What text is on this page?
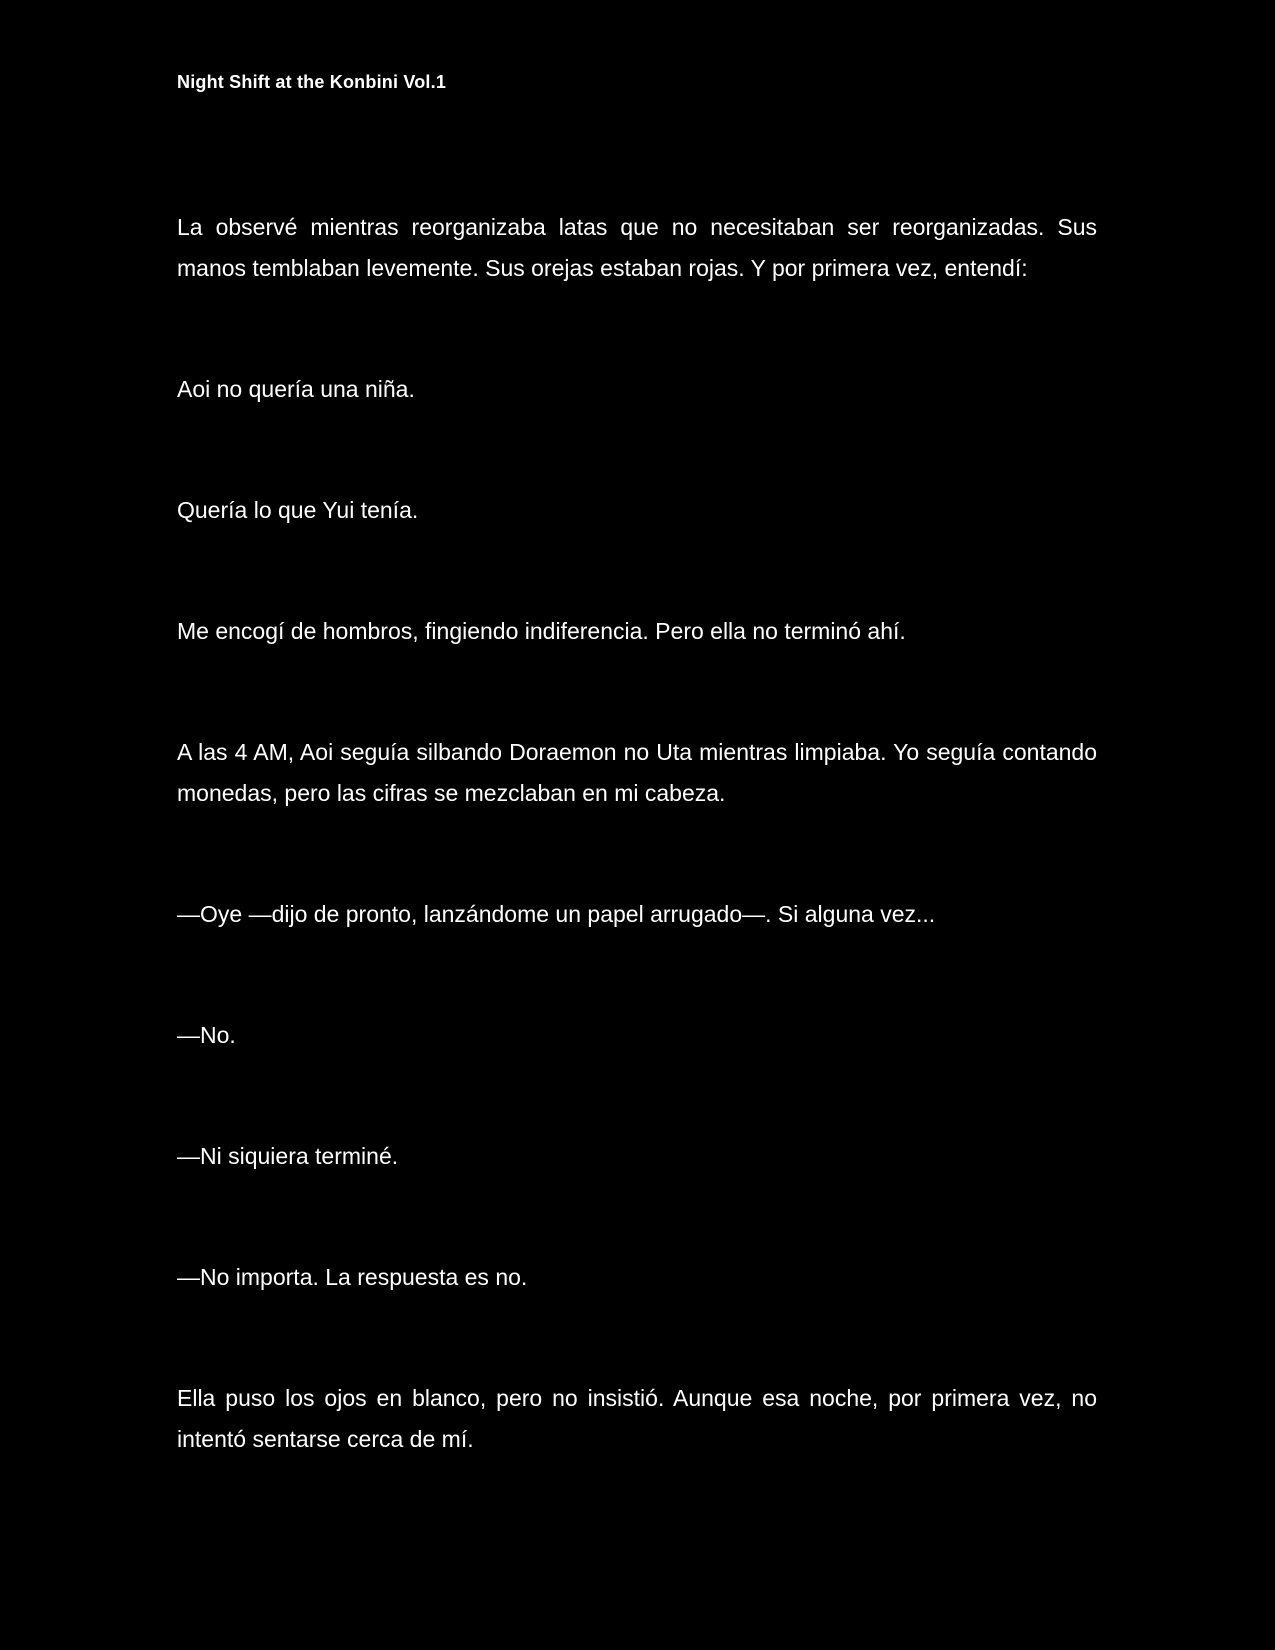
Night Shift at the Konbini Vol.1

La observé mientras reorganizaba latas que no necesitaban ser reorganizadas. Sus manos temblaban levemente. Sus orejas estaban rojas. Y por primera vez, entendí:

Aoi no quería una niña.

Quería lo que Yui tenía.

Me encogí de hombros, fingiendo indiferencia. Pero ella no terminó ahí.

A las 4 AM, Aoi seguía silbando Doraemon no Uta mientras limpiaba. Yo seguía contando monedas, pero las cifras se mezclaban en mi cabeza.

—Oye —dijo de pronto, lanzándome un papel arrugado—. Si alguna vez...

—No.

—Ni siquiera terminé.

—No importa. La respuesta es no.

Ella puso los ojos en blanco, pero no insistió. Aunque esa noche, por primera vez, no intentó sentarse cerca de mí.
